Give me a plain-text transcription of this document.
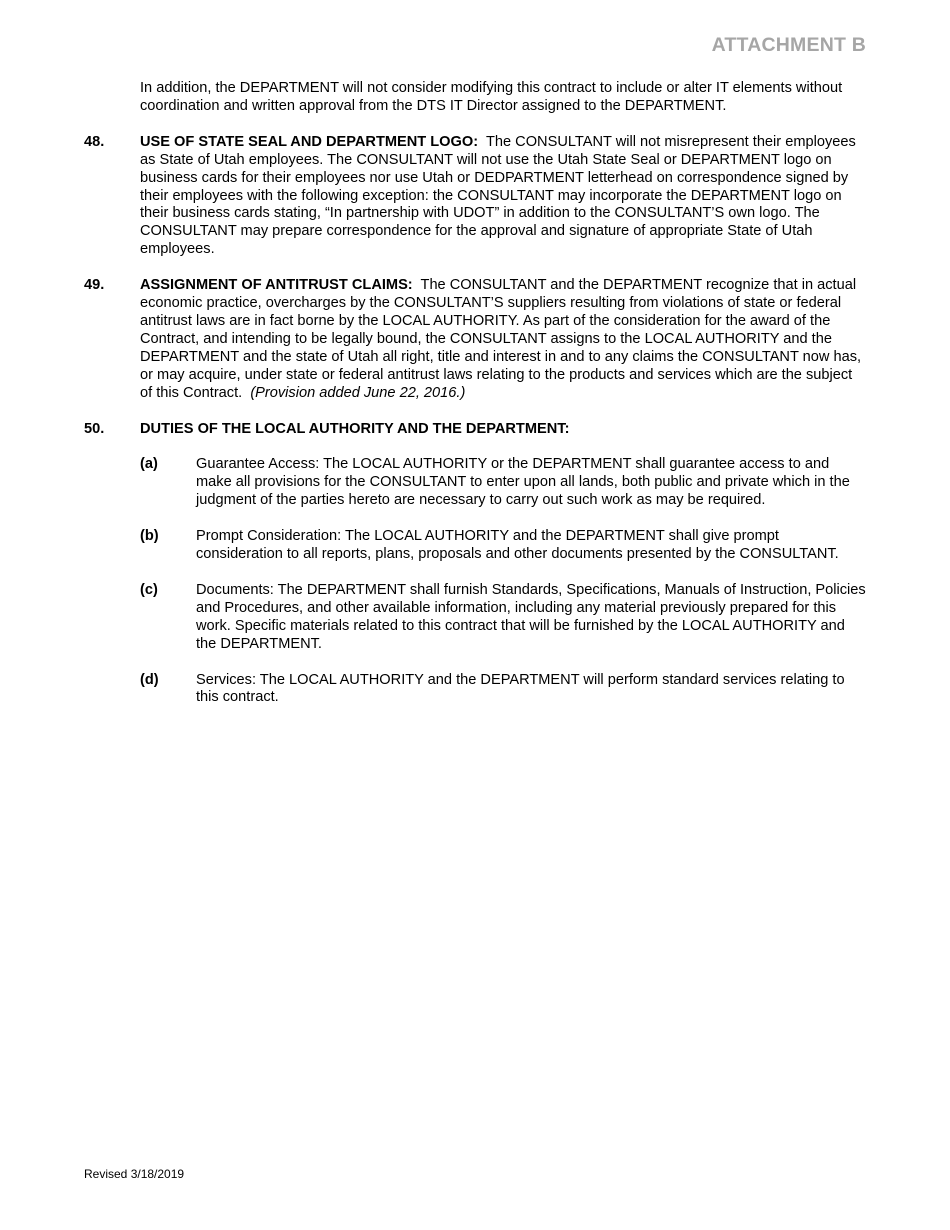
ATTACHMENT B

In addition, the DEPARTMENT will not consider modifying this contract to include or alter IT elements without coordination and written approval from the DTS IT Director assigned to the DEPARTMENT.

48.	USE OF STATE SEAL AND DEPARTMENT LOGO: The CONSULTANT will not misrepresent their employees as State of Utah employees. The CONSULTANT will not use the Utah State Seal or DEPARTMENT logo on business cards for their employees nor use Utah or DEDPARTMENT letterhead on correspondence signed by their employees with the following exception: the CONSULTANT may incorporate the DEPARTMENT logo on their business cards stating, “In partnership with UDOT” in addition to the CONSULTANT’S own logo. The CONSULTANT may prepare correspondence for the approval and signature of appropriate State of Utah employees.
49.	ASSIGNMENT OF ANTITRUST CLAIMS: The CONSULTANT and the DEPARTMENT recognize that in actual economic practice, overcharges by the CONSULTANT’S suppliers resulting from violations of state or federal antitrust laws are in fact borne by the LOCAL AUTHORITY. As part of the consideration for the award of the Contract, and intending to be legally bound, the CONSULTANT assigns to the LOCAL AUTHORITY and the DEPARTMENT and the state of Utah all right, title and interest in and to any claims the CONSULTANT now has, or may acquire, under state or federal antitrust laws relating to the products and services which are the subject of this Contract. (Provision added June 22, 2016.)
50.	DUTIES OF THE LOCAL AUTHORITY AND THE DEPARTMENT:
(a)	Guarantee Access: The LOCAL AUTHORITY or the DEPARTMENT shall guarantee access to and make all provisions for the CONSULTANT to enter upon all lands, both public and private which in the judgment of the parties hereto are necessary to carry out such work as may be required.
(b)	Prompt Consideration: The LOCAL AUTHORITY and the DEPARTMENT shall give prompt consideration to all reports, plans, proposals and other documents presented by the CONSULTANT.
(c)	Documents: The DEPARTMENT shall furnish Standards, Specifications, Manuals of Instruction, Policies and Procedures, and other available information, including any material previously prepared for this work. Specific materials related to this contract that will be furnished by the LOCAL AUTHORITY and the DEPARTMENT.
(d)	Services: The LOCAL AUTHORITY and the DEPARTMENT will perform standard services relating to this contract.
Revised 3/18/2019
